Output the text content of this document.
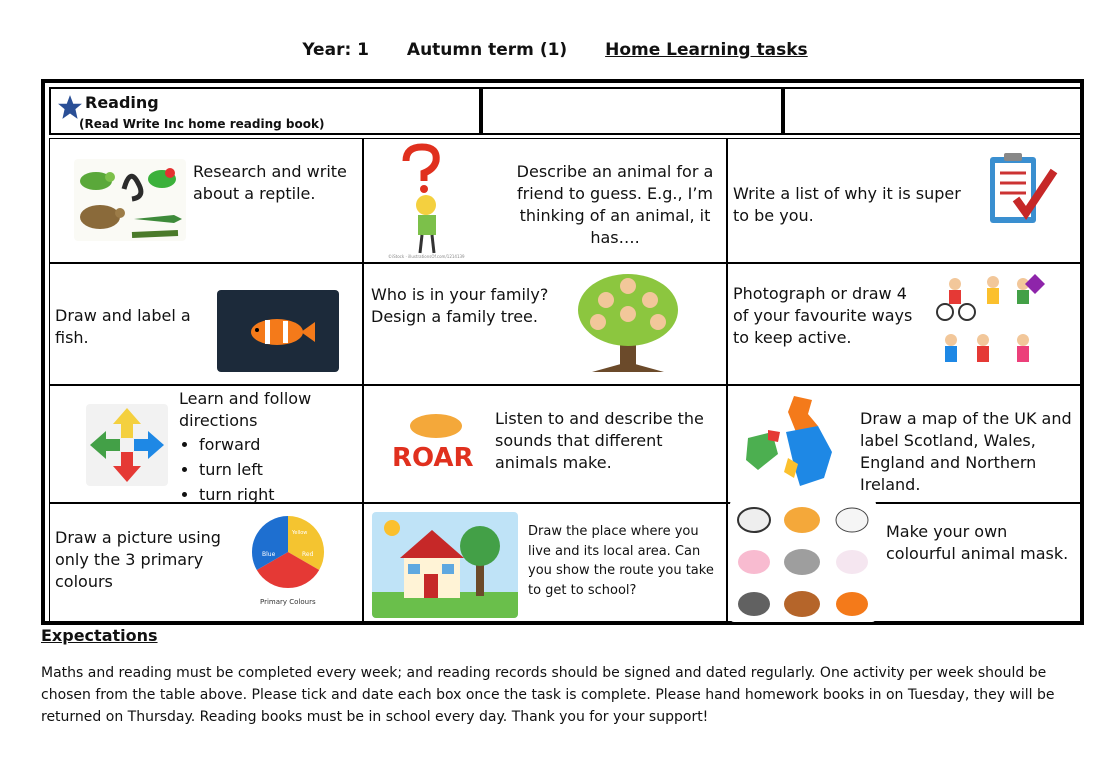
Year: 1 Autumn term (1) Home Learning tasks
Reading
(Read Write Inc home reading book)
Research and write about a reptile.
©iStock · illustrationsOf.com/1214139
Describe an animal for a friend to guess. E.g., I’m thinking of an animal, it has….
Write a list of why it is super to be you.
Draw and label a fish.
Who is in your family? Design a family tree.
Photograph or draw 4 of your favourite ways to keep active.
Learn and follow directions
• forward
• turn left
• turn right
ROAR
Listen to and describe the sounds that different animals make.
Draw a map of the UK and label Scotland, Wales, England and Northern Ireland.
Draw a picture using only the 3 primary colours
Yellow
Blue	Red
Primary Colours
Draw the place where you live and its local area. Can you show the route you take to get to school?
Make your own colourful animal mask.
Expectations
Maths and reading must be completed every week; and reading records should be signed and dated regularly. One activity per week should be chosen from the table above. Please tick and date each box once the task is complete. Please hand homework books in on Tuesday, they will be returned on Thursday. Reading books must be in school every day. Thank you for your support!
